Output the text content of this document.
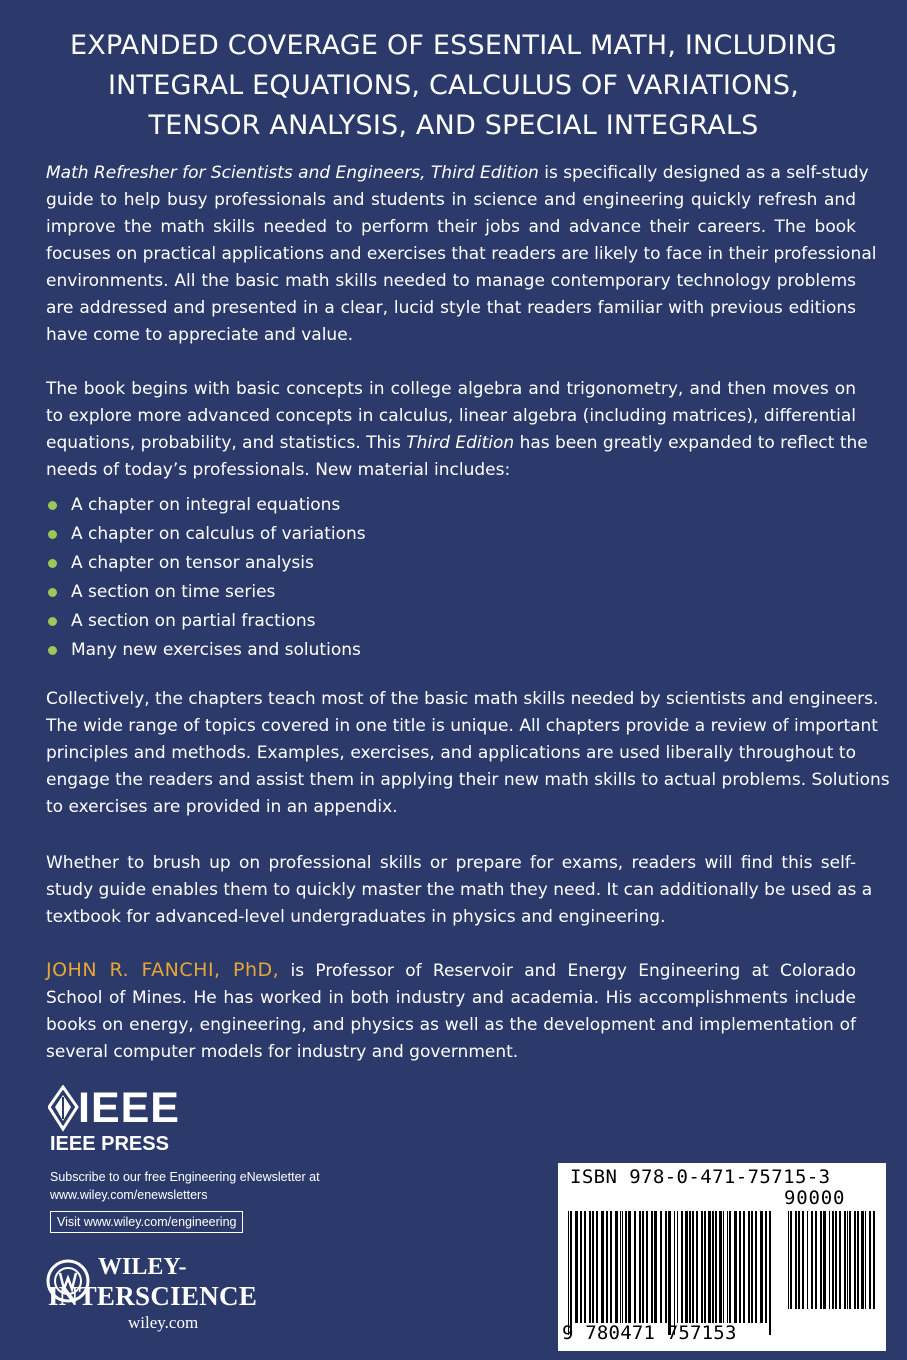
EXPANDED COVERAGE OF ESSENTIAL MATH, INCLUDING
INTEGRAL EQUATIONS, CALCULUS OF VARIATIONS,
TENSOR ANALYSIS, AND SPECIAL INTEGRALS
Math Refresher for Scientists and Engineers, Third Edition is specifically designed as a self-study
guide to help busy professionals and students in science and engineering quickly refresh and
improve the math skills needed to perform their jobs and advance their careers. The book
focuses on practical applications and exercises that readers are likely to face in their professional
environments. All the basic math skills needed to manage contemporary technology problems
are addressed and presented in a clear, lucid style that readers familiar with previous editions
have come to appreciate and value.
The book begins with basic concepts in college algebra and trigonometry, and then moves on
to explore more advanced concepts in calculus, linear algebra (including matrices), differential
equations, probability, and statistics. This Third Edition has been greatly expanded to reflect the
needs of today’s professionals. New material includes:
A chapter on integral equations
A chapter on calculus of variations
A chapter on tensor analysis
A section on time series
A section on partial fractions
Many new exercises and solutions
Collectively, the chapters teach most of the basic math skills needed by scientists and engineers.
The wide range of topics covered in one title is unique. All chapters provide a review of important
principles and methods. Examples, exercises, and applications are used liberally throughout to
engage the readers and assist them in applying their new math skills to actual problems. Solutions
to exercises are provided in an appendix.
Whether to brush up on professional skills or prepare for exams, readers will find this self-
study guide enables them to quickly master the math they need. It can additionally be used as a
textbook for advanced-level undergraduates in physics and engineering.
JOHN R. FANCHI, PhD, is Professor of Reservoir and Energy Engineering at Colorado
School of Mines. He has worked in both industry and academia. His accomplishments include
books on energy, engineering, and physics as well as the development and implementation of
several computer models for industry and government.
IEEE
IEEE PRESS
Subscribe to our free Engineering eNewsletter at
www.wiley.com/enewsletters
Visit www.wiley.com/engineering
WILEY-
INTERSCIENCE
wiley.com
ISBN 978-0-471-75715-3
90000
9 780471 757153
